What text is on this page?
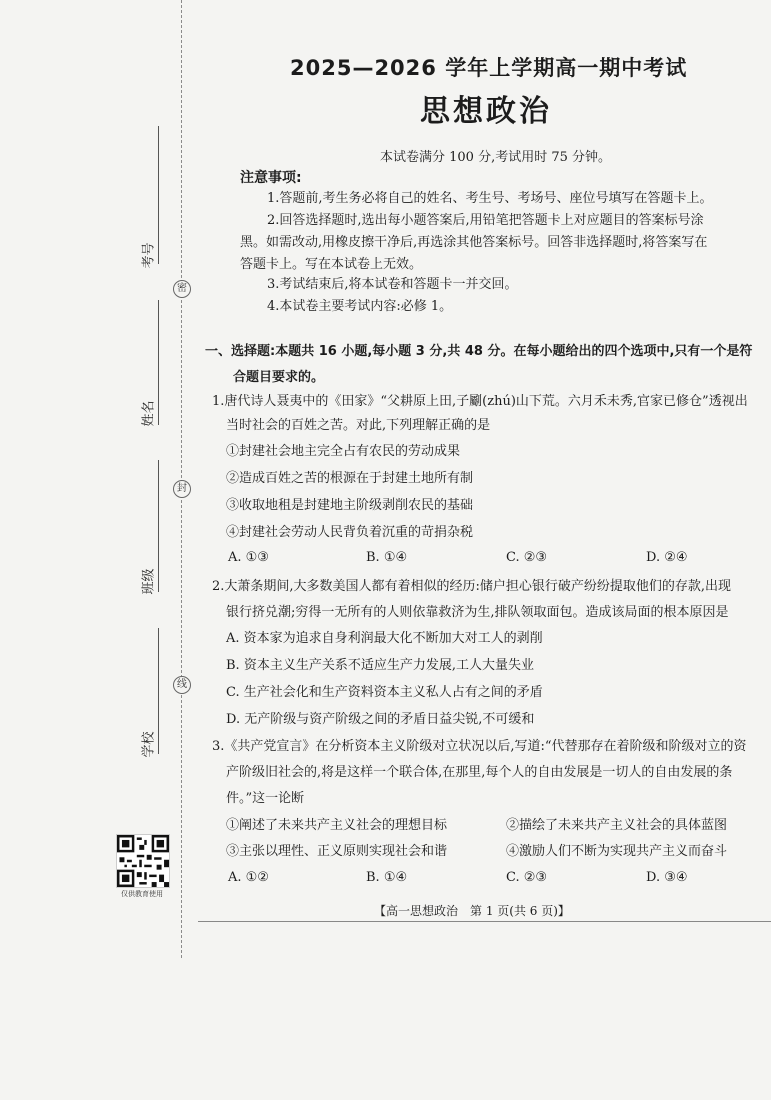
考号
姓名
班级
学校
密
封
线
仅供教育使用
2025—2026 学年上学期高一期中考试
思想政治
本试卷满分 100 分,考试用时 75 分钟。
注意事项:
1.答题前,考生务必将自己的姓名、考生号、考场号、座位号填写在答题卡上。
2.回答选择题时,选出每小题答案后,用铅笔把答题卡上对应题目的答案标号涂
黑。如需改动,用橡皮擦干净后,再选涂其他答案标号。回答非选择题时,将答案写在
答题卡上。写在本试卷上无效。
3.考试结束后,将本试卷和答题卡一并交回。
4.本试卷主要考试内容:必修 1。
一、选择题:本题共 16 小题,每小题 3 分,共 48 分。在每小题给出的四个选项中,只有一个是符
合题目要求的。
1.唐代诗人聂夷中的《田家》“父耕原上田,子劚(zhú)山下荒。六月禾未秀,官家已修仓”透视出
当时社会的百姓之苦。对此,下列理解正确的是
①封建社会地主完全占有农民的劳动成果
②造成百姓之苦的根源在于封建土地所有制
③收取地租是封建地主阶级剥削农民的基础
④封建社会劳动人民背负着沉重的苛捐杂税
A. ①③	B. ①④	C. ②③	D. ②④
2.大萧条期间,大多数美国人都有着相似的经历:储户担心银行破产纷纷提取他们的存款,出现
银行挤兑潮;穷得一无所有的人则依靠救济为生,排队领取面包。造成该局面的根本原因是
A. 资本家为追求自身利润最大化不断加大对工人的剥削
B. 资本主义生产关系不适应生产力发展,工人大量失业
C. 生产社会化和生产资料资本主义私人占有之间的矛盾
D. 无产阶级与资产阶级之间的矛盾日益尖锐,不可缓和
3.《共产党宣言》在分析资本主义阶级对立状况以后,写道:“代替那存在着阶级和阶级对立的资
产阶级旧社会的,将是这样一个联合体,在那里,每个人的自由发展是一切人的自由发展的条
件。”这一论断
①阐述了未来共产主义社会的理想目标	②描绘了未来共产主义社会的具体蓝图
③主张以理性、正义原则实现社会和谐	④激励人们不断为实现共产主义而奋斗
A. ①②	B. ①④	C. ②③	D. ③④
【高一思想政治　第 1 页(共 6 页)】
